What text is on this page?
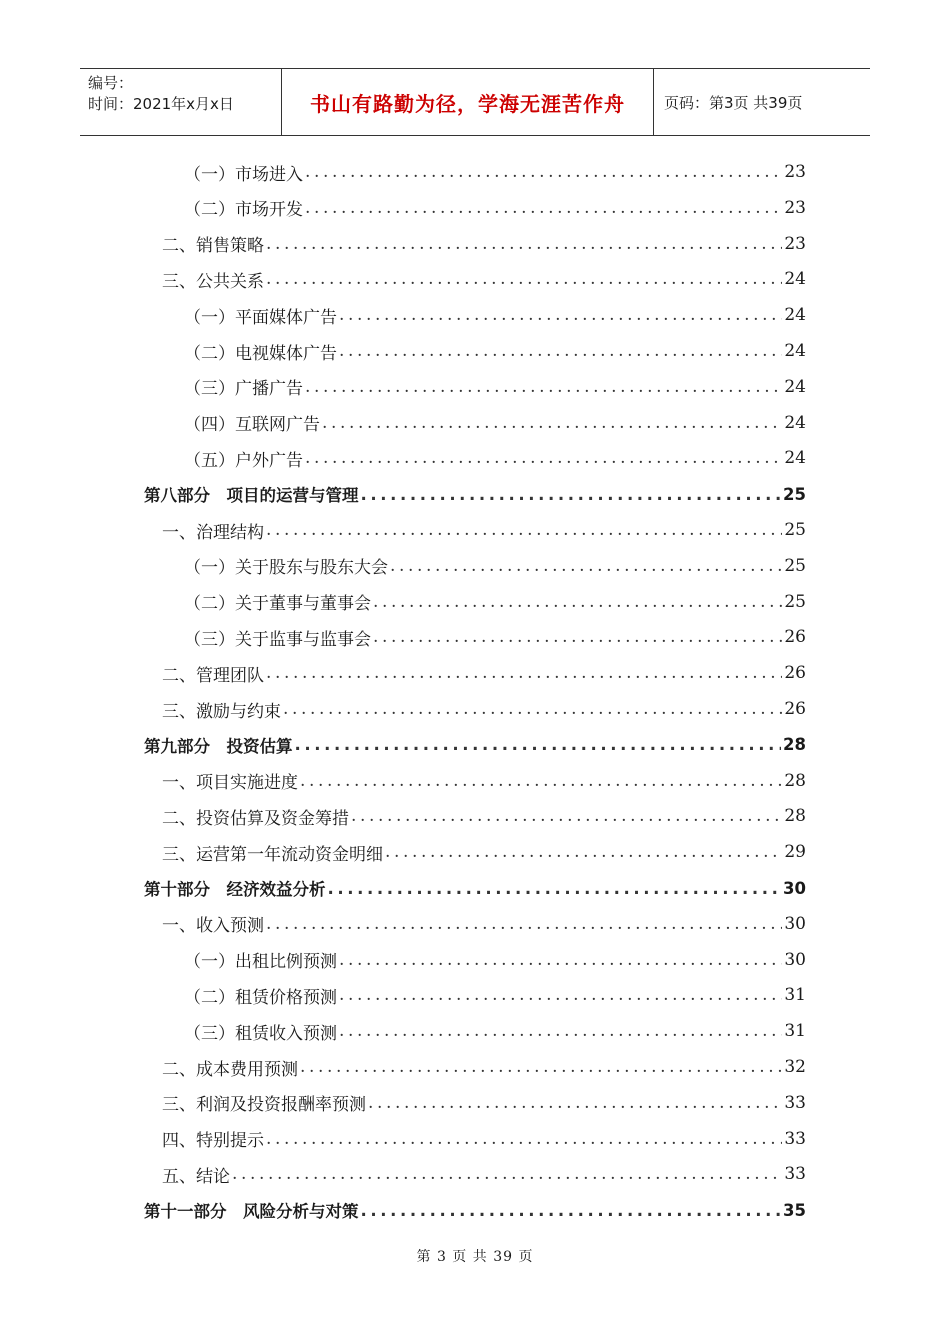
编号：
时间：2021年x月x日	书山有路勤为径，学海无涯苦作舟	页码：第3页 共39页
（一）市场进入 .....	23
（二）市场开发 .....	23
二、销售策略 .....	23
三、公共关系 .....	24
（一）平面媒体广告 .....	24
（二）电视媒体广告 .....	24
（三）广播广告 .....	24
（四）互联网广告 .....	24
（五）户外广告 .....	24
第八部分　项目的运营与管理 .....	25
一、治理结构 .....	25
（一）关于股东与股东大会 .....	25
（二）关于董事与董事会 .....	25
（三）关于监事与监事会 .....	26
二、管理团队 .....	26
三、激励与约束 .....	26
第九部分　投资估算 .....	28
一、项目实施进度 .....	28
二、投资估算及资金筹措 .....	28
三、运营第一年流动资金明细 .....	29
第十部分　经济效益分析 .....	30
一、收入预测 .....	30
（一）出租比例预测 .....	30
（二）租赁价格预测 .....	31
（三）租赁收入预测 .....	31
二、成本费用预测 .....	32
三、利润及投资报酬率预测 .....	33
四、特别提示 .....	33
五、结论 .....	33
第十一部分　风险分析与对策 .....	35
第 3 页 共 39 页
